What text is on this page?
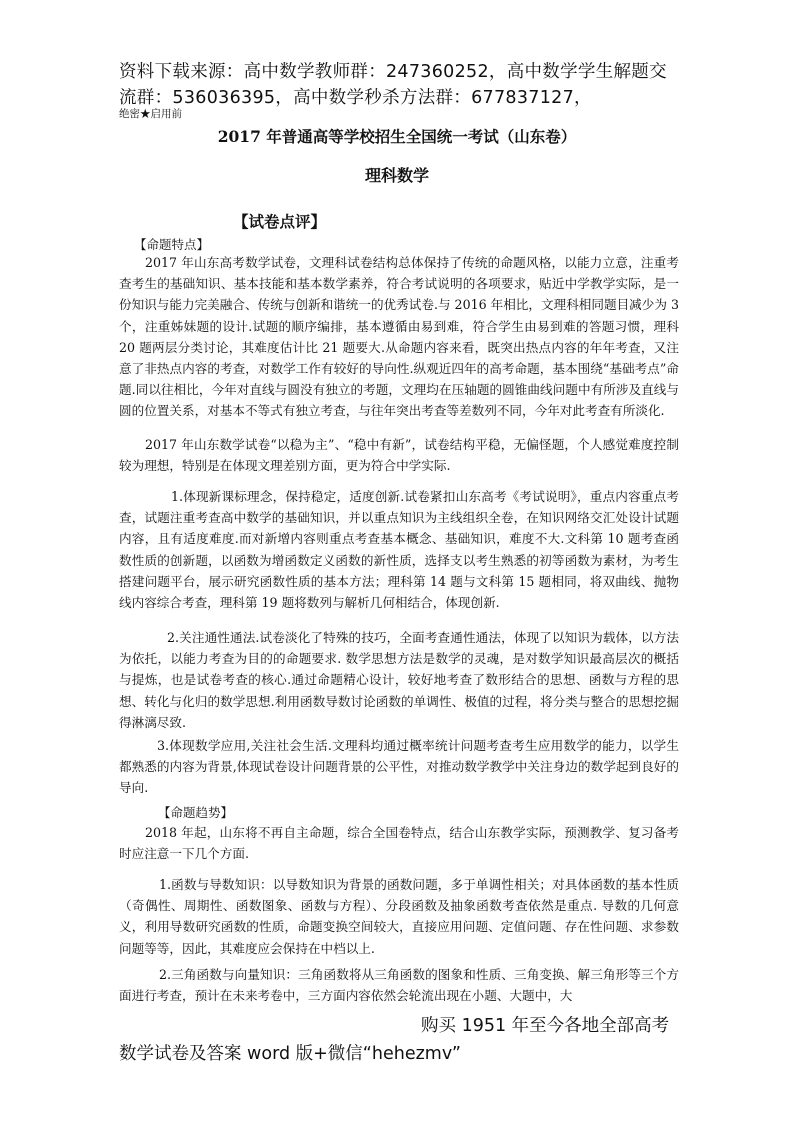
资料下载来源：高中数学教师群：247360252，高中数学学生解题交
流群：536036395，高中数学秒杀方法群：677837127，
绝密★启用前
2017 年普通高等学校招生全国统一考试（山东卷）
理科数学
【试卷点评】
【命题特点】
2017 年山东高考数学试卷，文理科试卷结构总体保持了传统的命题风格，以能力立意，注重考查考生的基础知识、基本技能和基本数学素养，符合考试说明的各项要求，贴近中学教学实际，是一份知识与能力完美融合、传统与创新和谐统一的优秀试卷.与 2016 年相比，文理科相同题目减少为 3 个，注重姊妹题的设计.试题的顺序编排，基本遵循由易到难，符合学生由易到难的答题习惯，理科 20 题两层分类讨论，其难度估计比 21 题要大.从命题内容来看，既突出热点内容的年年考查，又注意了非热点内容的考查，对数学工作有较好的导向性.纵观近四年的高考命题，基本围绕“基础考点”命题.同以往相比，今年对直线与圆没有独立的考题，文理均在压轴题的圆锥曲线问题中有所涉及直线与圆的位置关系，对基本不等式有独立考查，与往年突出考查等差数列不同，今年对此考查有所淡化.
2017 年山东数学试卷“以稳为主”、“稳中有新”，试卷结构平稳，无偏怪题，个人感觉难度控制较为理想，特别是在体现文理差别方面，更为符合中学实际.
1.体现新课标理念，保持稳定，适度创新.试卷紧扣山东高考《考试说明》，重点内容重点考查，试题注重考查高中数学的基础知识，并以重点知识为主线组织全卷，在知识网络交汇处设计试题内容，且有适度难度.而对新增内容则重点考查基本概念、基础知识，难度不大.文科第 10 题考查函数性质的创新题，以函数为增函数定义函数的新性质，选择支以考生熟悉的初等函数为素材，为考生搭建问题平台，展示研究函数性质的基本方法；理科第 14 题与文科第 15 题相同，将双曲线、抛物线内容综合考查，理科第 19 题将数列与解析几何相结合，体现创新.
2.关注通性通法.试卷淡化了特殊的技巧，全面考查通性通法，体现了以知识为载体，以方法为依托，以能力考查为目的的命题要求. 数学思想方法是数学的灵魂，是对数学知识最高层次的概括与提炼，也是试卷考查的核心.通过命题精心设计，较好地考查了数形结合的思想、函数与方程的思想、转化与化归的数学思想.利用函数导数讨论函数的单调性、极值的过程，将分类与整合的思想挖掘得淋漓尽致.
3.体现数学应用,关注社会生活.文理科均通过概率统计问题考查考生应用数学的能力，以学生都熟悉的内容为背景,体现试卷设计问题背景的公平性，对推动数学教学中关注身边的数学起到良好的导向.
【命题趋势】
2018 年起，山东将不再自主命题，综合全国卷特点，结合山东教学实际，预测教学、复习备考时应注意一下几个方面.
1.函数与导数知识：以导数知识为背景的函数问题，多于单调性相关；对具体函数的基本性质（奇偶性、周期性、函数图象、函数与方程）、分段函数及抽象函数考查依然是重点. 导数的几何意义，利用导数研究函数的性质，命题变换空间较大，直接应用问题、定值问题、存在性问题、求参数问题等等，因此，其难度应会保持在中档以上.
2.三角函数与向量知识：三角函数将从三角函数的图象和性质、三角变换、解三角形等三个方面进行考查，预计在未来考卷中，三方面内容依然会轮流出现在小题、大题中，大
购买 1951 年至今各地全部高考
数学试卷及答案 word 版+微信“hehezmv”
